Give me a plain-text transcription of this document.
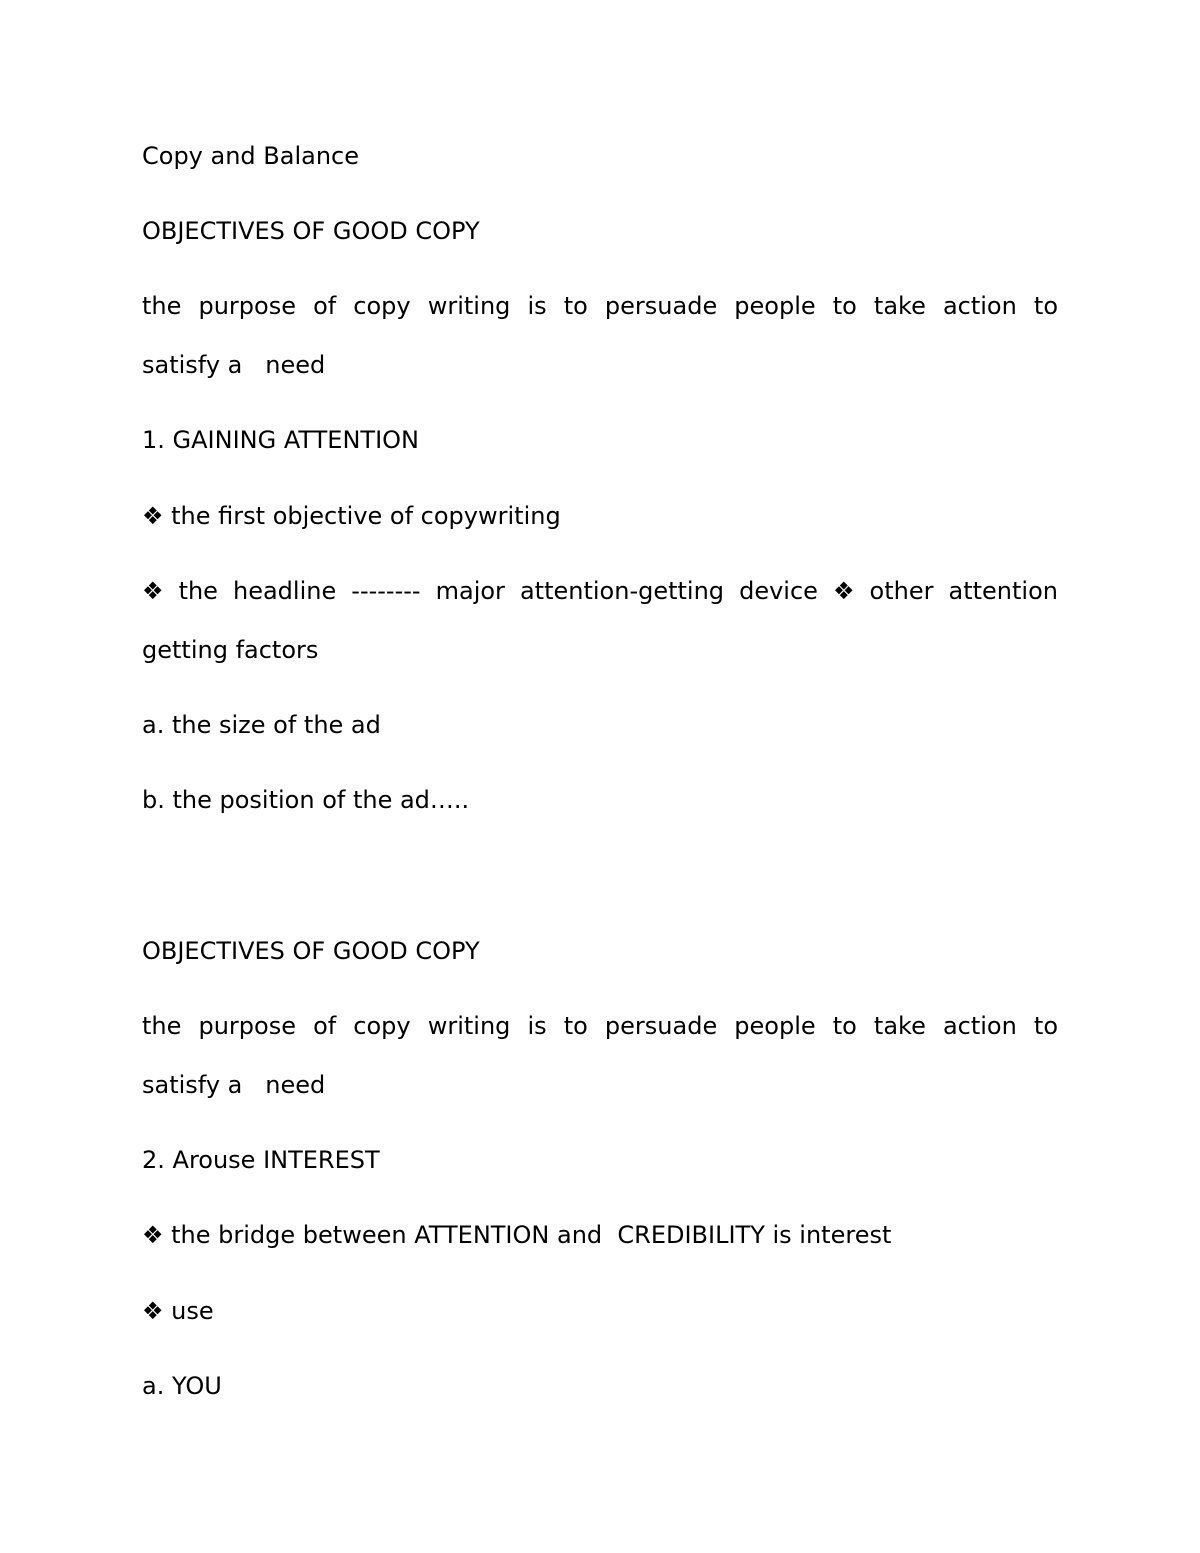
Copy and Balance

OBJECTIVES OF GOOD COPY

the purpose of copy writing is to persuade people to take action to

satisfy a   need

1. GAINING ATTENTION

❖ the first objective of copywriting

❖ the headline -------- major attention-getting device ❖ other attention

getting factors

a. the size of the ad

b. the position of the ad…..

OBJECTIVES OF GOOD COPY

the purpose of copy writing is to persuade people to take action to

satisfy a   need

2. Arouse INTEREST

❖ the bridge between ATTENTION and  CREDIBILITY is interest

❖ use

a. YOU
